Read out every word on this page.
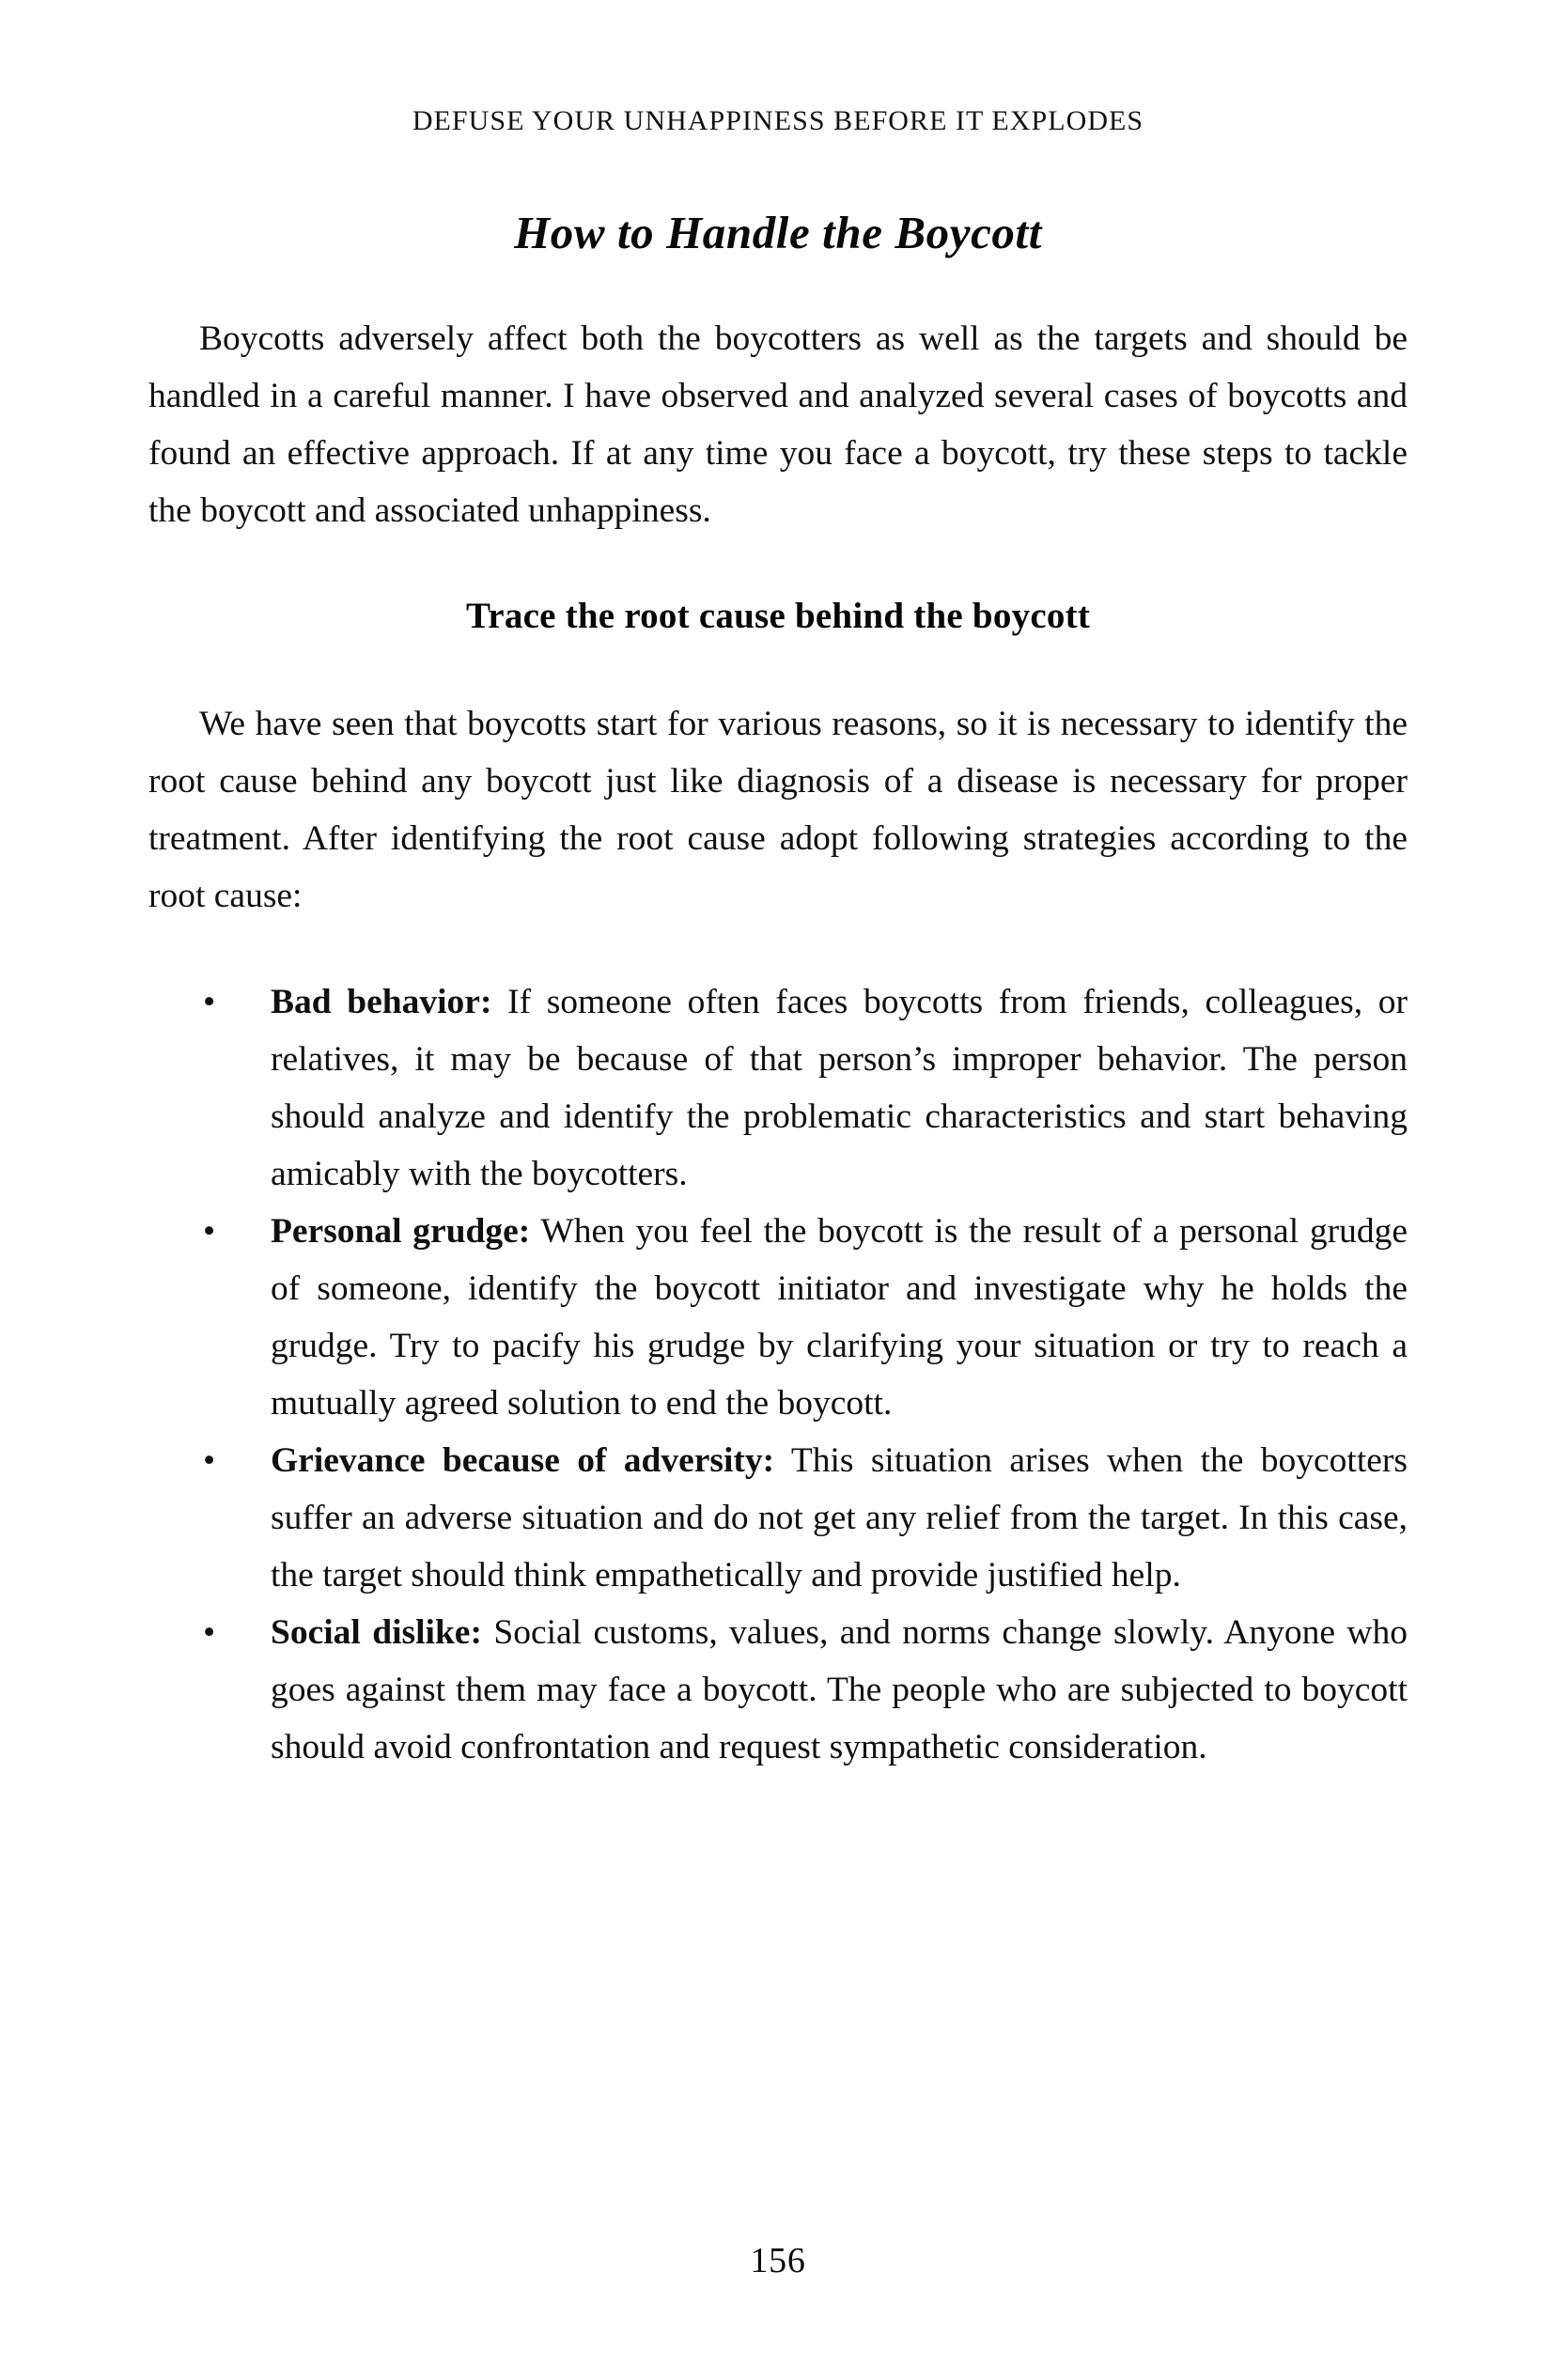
DEFUSE YOUR UNHAPPINESS BEFORE IT EXPLODES
How to Handle the Boycott

Boycotts adversely affect both the boycotters as well as the targets and should be handled in a careful manner. I have observed and analyzed several cases of boycotts and found an effective approach. If at any time you face a boycott, try these steps to tackle the boycott and associated unhappiness.

Trace the root cause behind the boycott

We have seen that boycotts start for various reasons, so it is necessary to identify the root cause behind any boycott just like diagnosis of a disease is necessary for proper treatment. After identifying the root cause adopt following strategies according to the root cause:

• Bad behavior: If someone often faces boycotts from friends, colleagues, or relatives, it may be because of that person’s improper behavior. The person should analyze and identify the problematic characteristics and start behaving amicably with the boycotters.
• Personal grudge: When you feel the boycott is the result of a personal grudge of someone, identify the boycott initiator and investigate why he holds the grudge. Try to pacify his grudge by clarifying your situation or try to reach a mutually agreed solution to end the boycott.
• Grievance because of adversity: This situation arises when the boycotters suffer an adverse situation and do not get any relief from the target. In this case, the target should think empathetically and provide justified help.
• Social dislike: Social customs, values, and norms change slowly. Anyone who goes against them may face a boycott. The people who are subjected to boycott should avoid confrontation and request sympathetic consideration.
156
